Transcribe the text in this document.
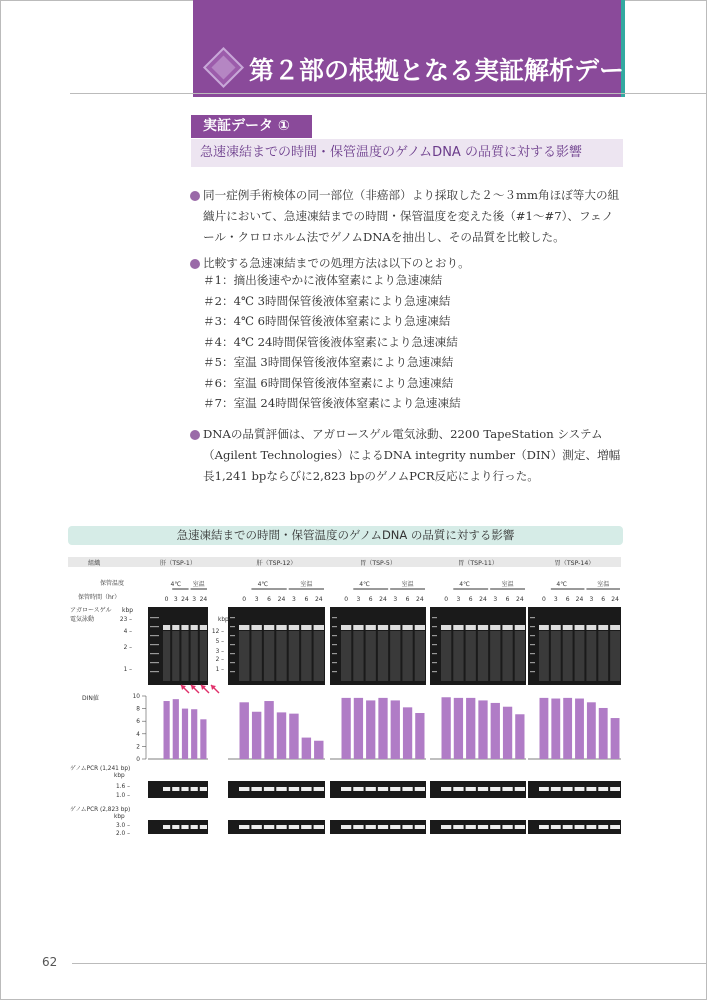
第２部の根拠となる実証解析データ
実証データ ①
急速凍結までの時間・保管温度のゲノムDNA の品質に対する影響
同一症例手術検体の同一部位（非癌部）より採取した２～３mm角ほぼ等大の組織片において、急速凍結までの時間・保管温度を変えた後（#1～#7）、フェノール・クロロホルム法でゲノムDNAを抽出し、その品質を比較した。
比較する急速凍結までの処理方法は以下のとおり。
＃1：摘出後速やかに液体窒素により急速凍結
＃2：4℃ 3時間保管後液体窒素により急速凍結
＃3：4℃ 6時間保管後液体窒素により急速凍結
＃4：4℃ 24時間保管後液体窒素により急速凍結
＃5：室温 3時間保管後液体窒素により急速凍結
＃6：室温 6時間保管後液体窒素により急速凍結
＃7：室温 24時間保管後液体窒素により急速凍結
DNAの品質評価は、アガロースゲル電気泳動、2200 TapeStation システム（Agilent Technologies）によるDNA integrity number（DIN）測定、増幅長1,241 bpならびに2,823 bpのゲノムPCR反応により行った。
急速凍結までの時間・保管温度のゲノムDNA の品質に対する影響
組織	肝（TSP-1）	肝（TSP-12）	胃（TSP-5）	胃（TSP-11）	胃（TSP-14）
保管温度
保管時間（hr）
アガロースゲル kbp
電気泳動
DIN値
ゲノムPCR (1,241 bp)
kbp
ゲノムPCR (2,823 bp)
kbp
4℃ 室温
0 3 24 3 24
4℃	室温
0 3 6 24 3 6 24
4℃	室温
0 3 6 24 3 6 24
4℃	室温
0 3 6 24 3 6 24
4℃	室温
0 3 6 24 3 6 24
23 –
4 –
2 –
1 –
kbp
12 –
5 –
3 –
2 –
1 –
10
8
6
4
2
0
1.6 –
1.0 –
3.0 –
2.0 –
62
